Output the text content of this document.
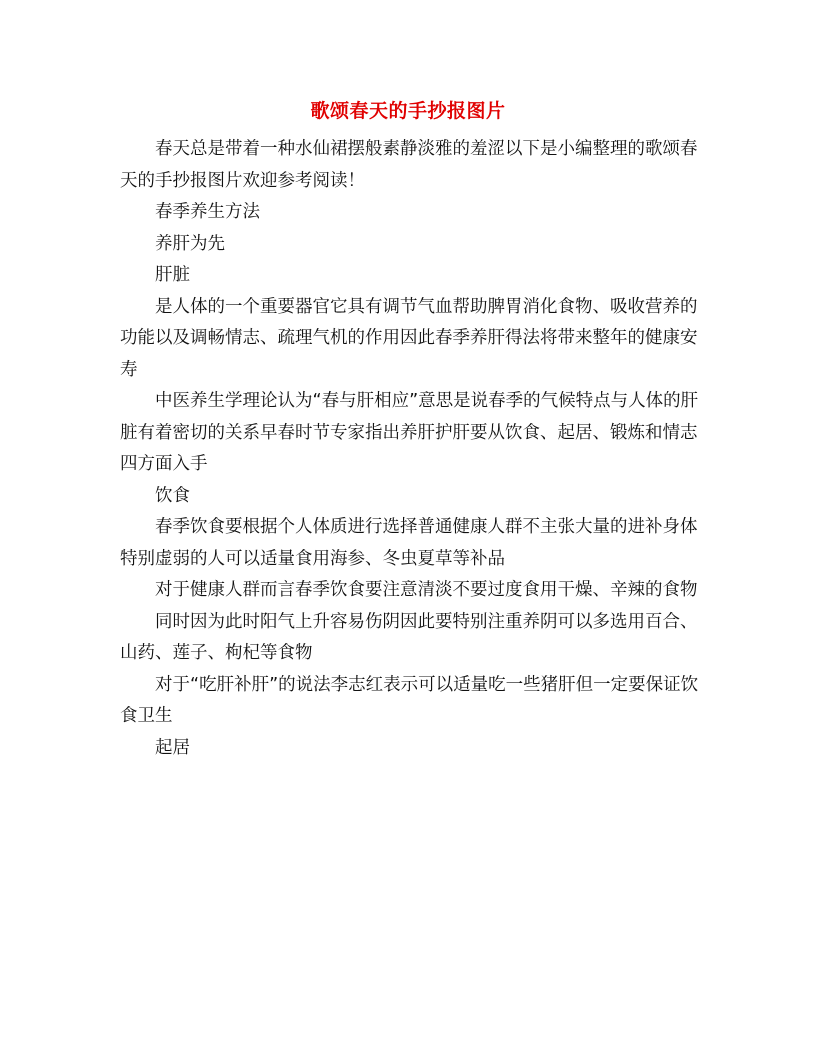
歌颂春天的手抄报图片

春天总是带着一种水仙裙摆般素静淡雅的羞涩以下是小编整理的歌颂春天的手抄报图片欢迎参考阅读！

春季养生方法

养肝为先

肝脏

是人体的一个重要器官它具有调节气血帮助脾胃消化食物、吸收营养的功能以及调畅情志、疏理气机的作用因此春季养肝得法将带来整年的健康安寿

中医养生学理论认为“春与肝相应”意思是说春季的气候特点与人体的肝脏有着密切的关系早春时节专家指出养肝护肝要从饮食、起居、锻炼和情志四方面入手

饮食

春季饮食要根据个人体质进行选择普通健康人群不主张大量的进补身体特别虚弱的人可以适量食用海参、冬虫夏草等补品

对于健康人群而言春季饮食要注意清淡不要过度食用干燥、辛辣的食物

同时因为此时阳气上升容易伤阴因此要特别注重养阴可以多选用百合、山药、莲子、枸杞等食物

对于“吃肝补肝”的说法李志红表示可以适量吃一些猪肝但一定要保证饮食卫生

起居
